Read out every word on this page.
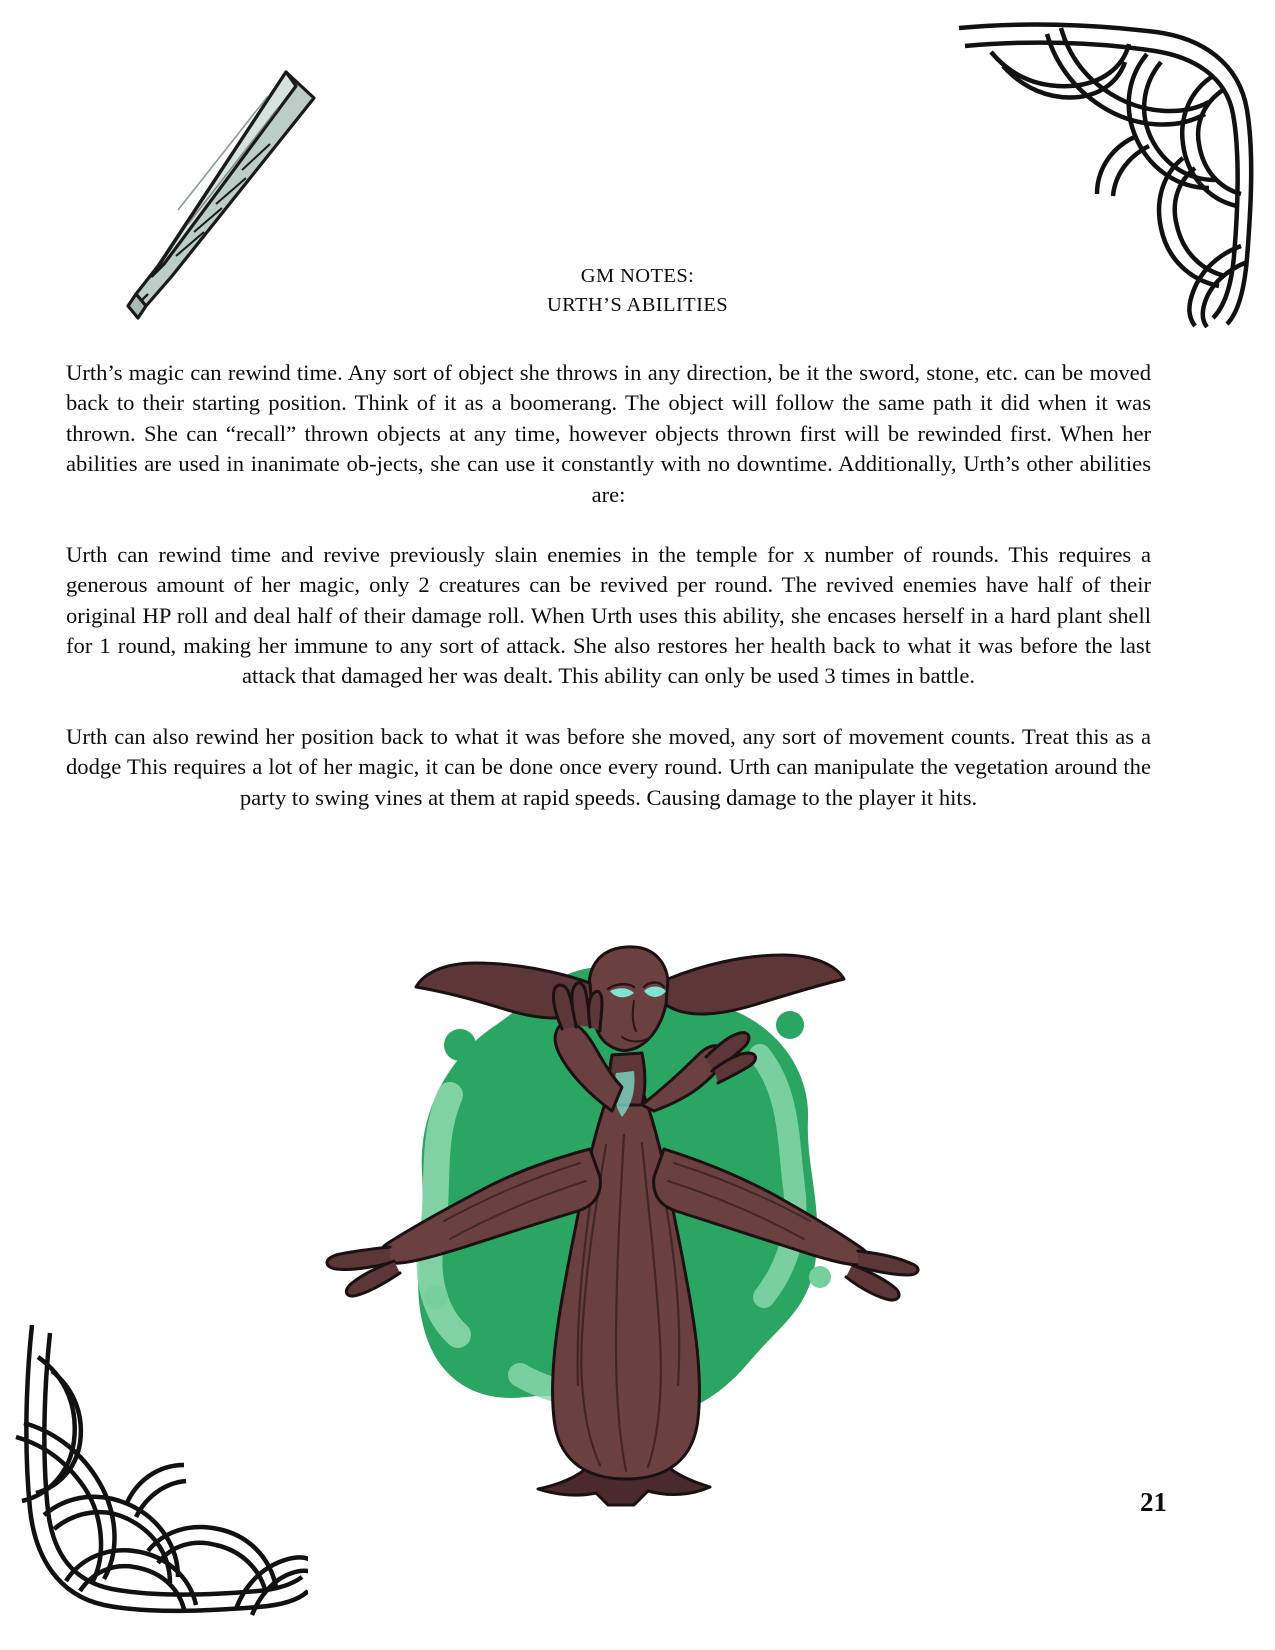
GM NOTES:
URTH’S ABILITIES

Urth’s magic can rewind time. Any sort of object she throws in any direction, be it the sword, stone, etc. can be moved back to their starting position. Think of it as a boomerang. The object will follow the same path it did when it was thrown. She can “recall” thrown objects at any time, however objects thrown first will be rewinded first. When her abilities are used in inanimate ob-jects, she can use it constantly with no downtime. Additionally, Urth’s other abilities are:

Urth can rewind time and revive previously slain enemies in the temple for x number of rounds. This requires a generous amount of her magic, only 2 creatures can be revived per round. The revived enemies have half of their original HP roll and deal half of their damage roll. When Urth uses this ability, she encases herself in a hard plant shell for 1 round, making her immune to any sort of attack. She also restores her health back to what it was before the last attack that damaged her was dealt. This ability can only be used 3 times in battle.

Urth can also rewind her position back to what it was before she moved, any sort of movement counts. Treat this as a dodge This requires a lot of her magic, it can be done once every round. Urth can manipulate the vegetation around the party to swing vines at them at rapid speeds. Causing damage to the player it hits.

21
